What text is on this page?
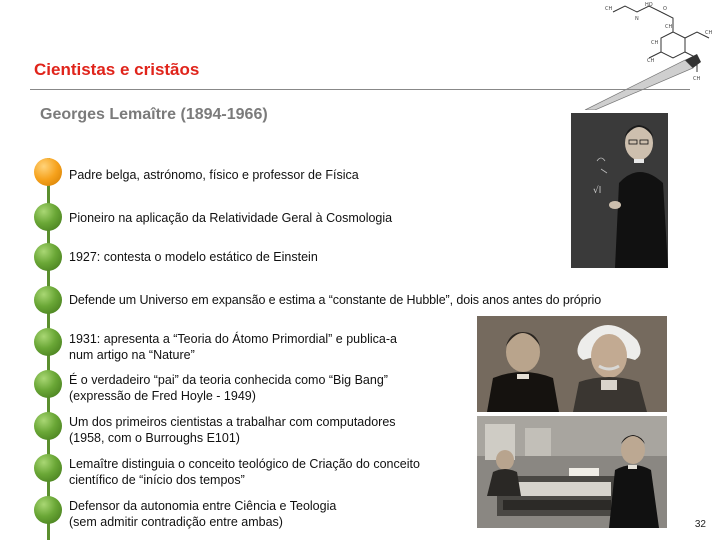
CH
N
HO
O
CH
CH
CH
CH
CH
Cientistas e cristãos
Georges Lemaître (1894-1966)
Padre belga, astrónomo, físico e professor de Física
Pioneiro na aplicação da Relatividade Geral à Cosmologia
1927: contesta o modelo estático de Einstein
Defende um Universo em expansão e estima a “constante de Hubble”, dois anos antes do próprio
1931: apresenta a “Teoria do Átomo Primordial” e publica-a
num artigo na “Nature”
É o verdadeiro “pai” da teoria conhecida como “Big Bang”
(expressão de Fred Hoyle - 1949)
Um dos primeiros cientistas a trabalhar com computadores
(1958, com o Burroughs E101)
Lemaître distinguia o conceito teológico de Criação do conceito
científico de “início dos tempos”
Defensor da autonomia entre Ciência e Teologia
(sem admitir contradição entre ambas)
√l
32
